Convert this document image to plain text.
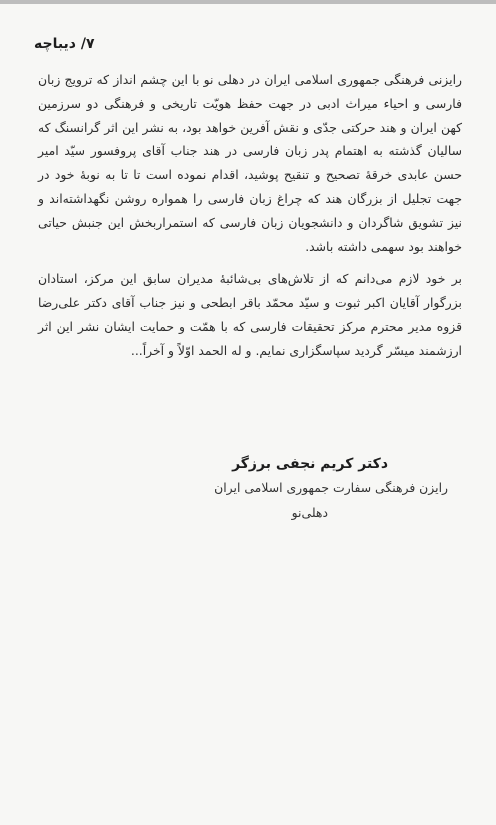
۷/ دیباچه

رایزنی فرهنگی جمهوری اسلامی ایران در دهلی نو با این چشم انداز که ترویج زبان فارسی و احیاء میراث ادبی در جهت حفظ هویّت تاریخی و فرهنگی دو سرزمین کهن ایران و هند حرکتی جدّی و نقش آفرین خواهد بود، به نشر این اثر گرانسنگ که سالیان گذشته به اهتمام پدر زبان فارسی در هند جناب آقای پروفسور سیّد امیر حسن عابدی خرقهٔ تصحیح و تنقیح پوشید، اقدام نموده است تا تا به نوبهٔ خود در جهت تجلیل از بزرگان هند که چراغ زبان فارسی را همواره روشن نگهداشته‌اند و نیز تشویق شاگردان و دانشجویان زبان فارسی که استمراربخش این جنبش حیاتی خواهند بود سهمی داشته باشد.

بر خود لازم می‌دانم که از تلاش‌های بی‌شائبهٔ مدیران سابق این مرکز، استادان بزرگوار آقایان اکبر ثبوت و سیّد محمّد باقر ابطحی و نیز جناب آقای دکتر علی‌رضا قزوه مدیر محترم مرکز تحقیقات فارسی که با همّت و حمایت ایشان نشر این اثر ارزشمند میسّر گردید سپاسگزاری نمایم. و له الحمد اوّلاً و آخراً...

دکتر کریم نجفی برزگر
رایزن فرهنگی سفارت جمهوری اسلامی ایران
دهلی‌نو
